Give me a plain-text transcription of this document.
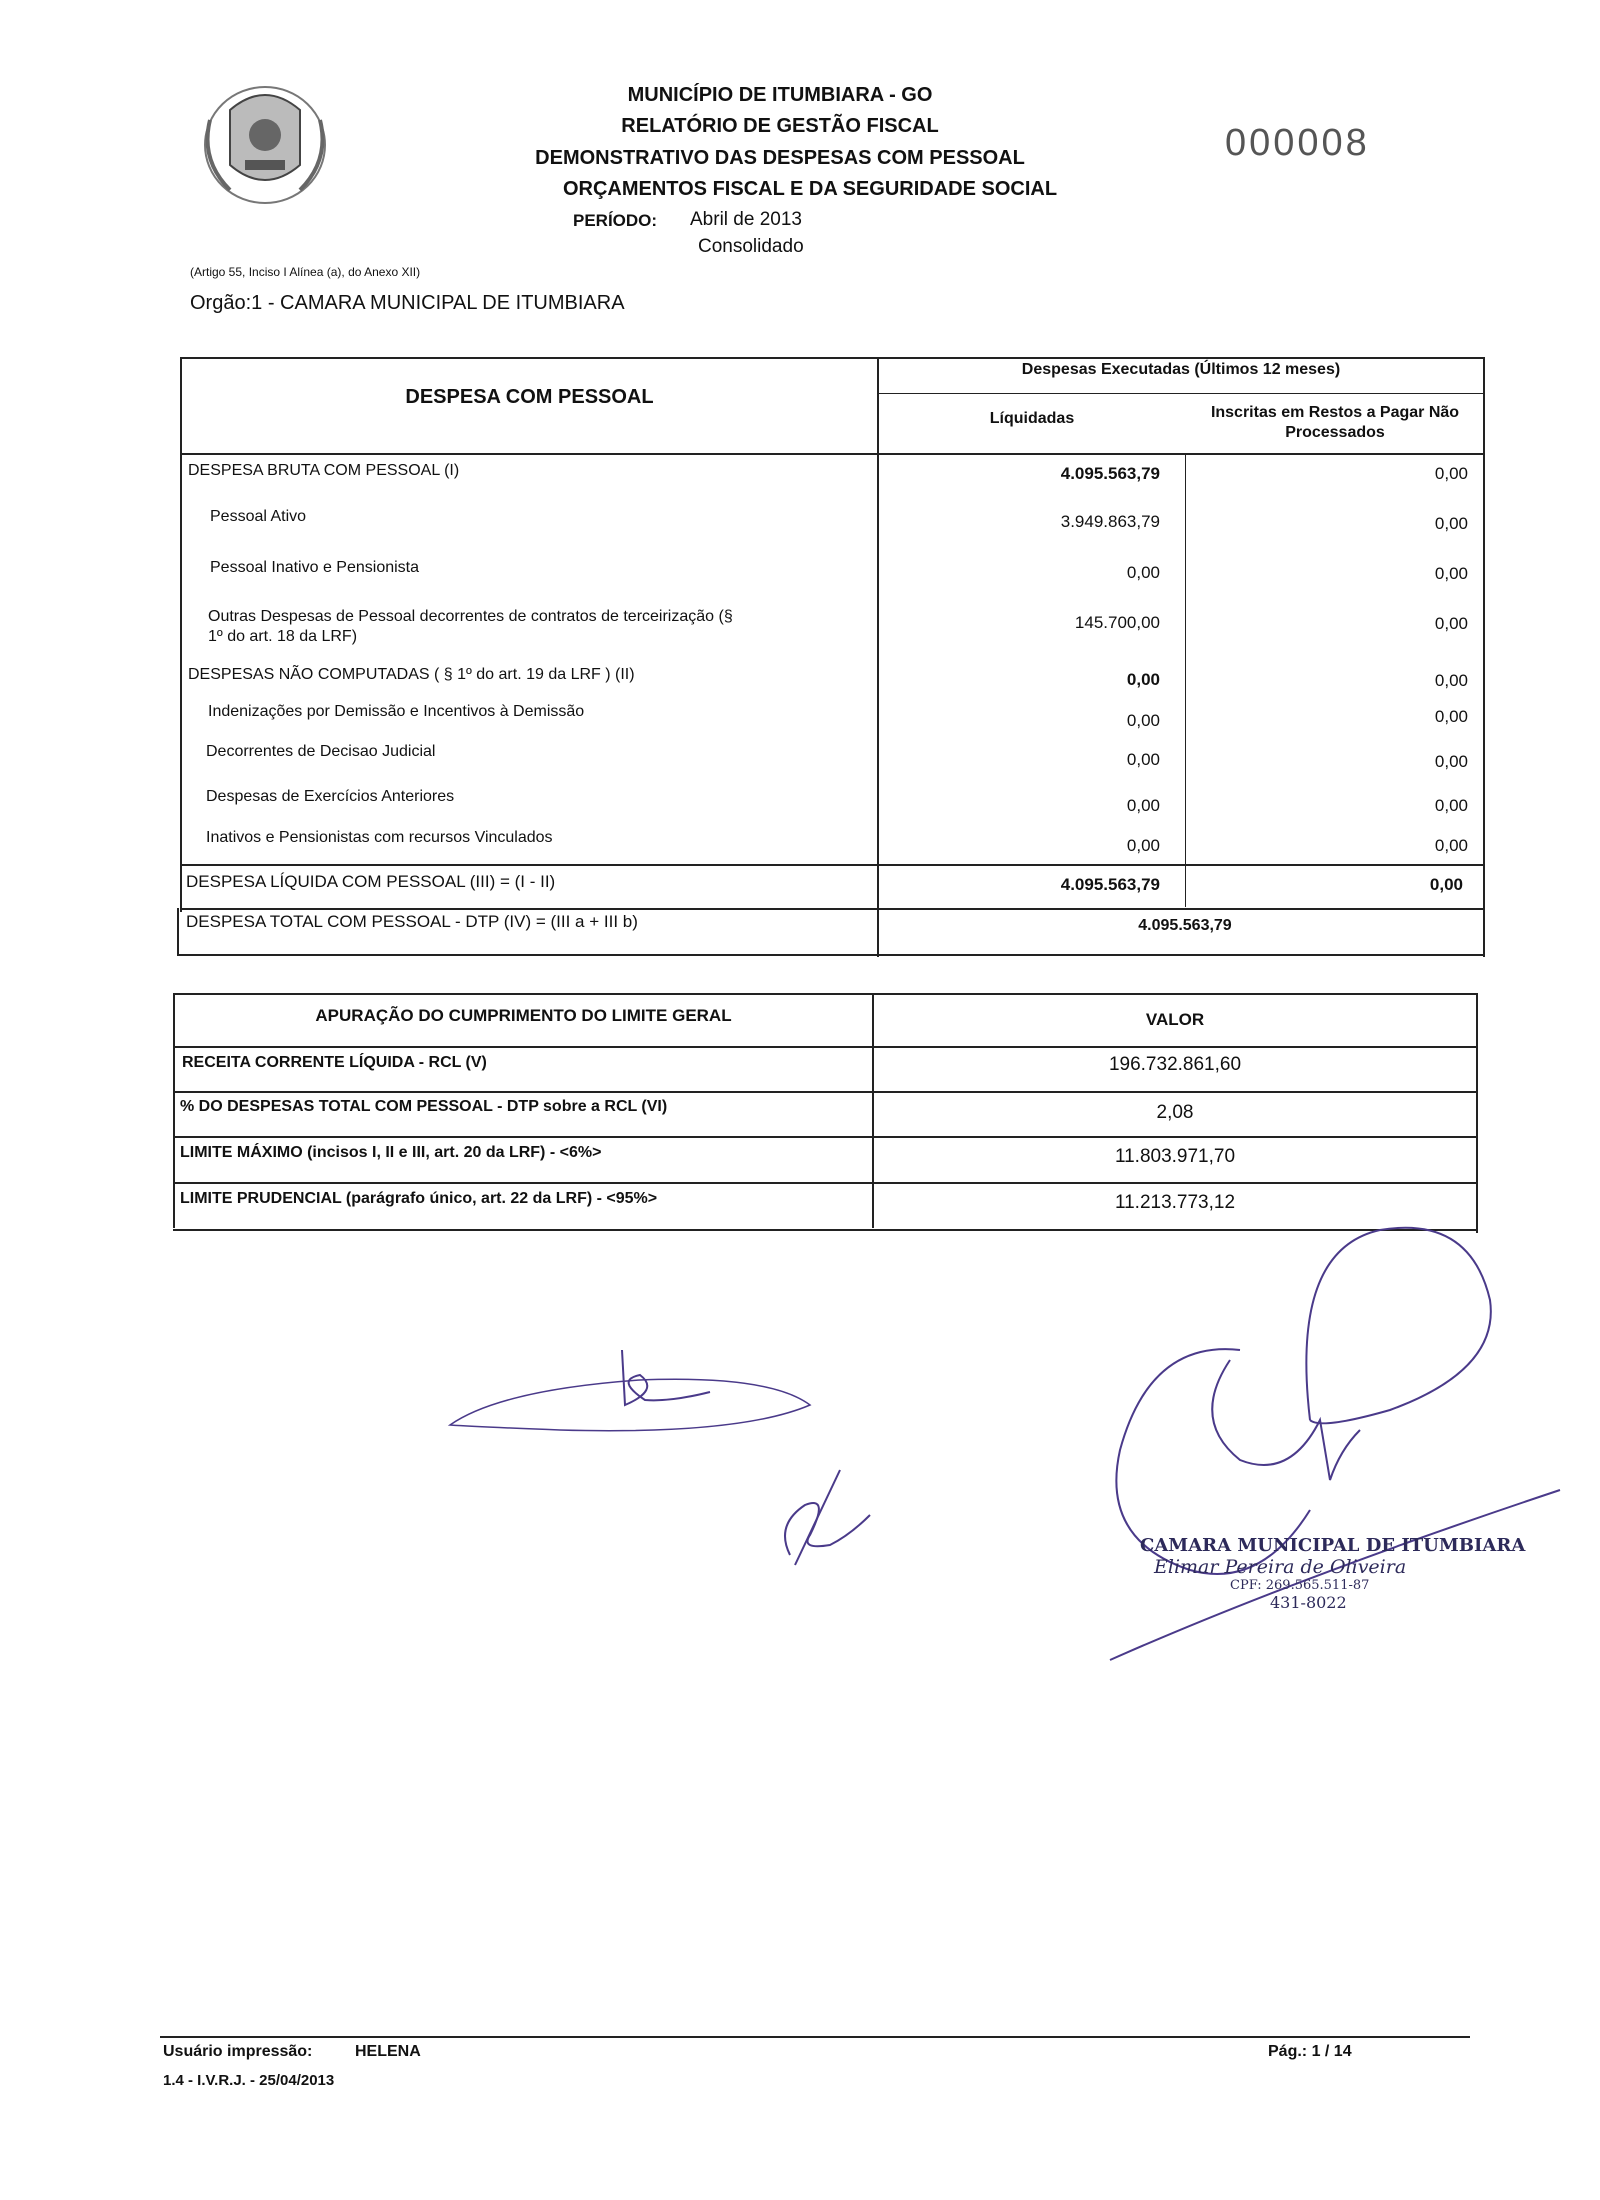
MUNICÍPIO DE ITUMBIARA - GO
RELATÓRIO DE GESTÃO FISCAL
DEMONSTRATIVO DAS DESPESAS COM PESSOAL
ORÇAMENTOS FISCAL E DA SEGURIDADE SOCIAL
PERÍODO: Abril de 2013
Consolidado
(Artigo 55, Inciso I Alínea (a), do Anexo XII)
Orgão:1 - CAMARA MUNICIPAL DE ITUMBIARA
000008
DESPESA COM PESSOAL
Despesas Executadas (Últimos 12 meses)
Líquidadas	Inscritas em Restos a Pagar Não
Processados
DESPESA BRUTA COM PESSOAL (I)	4.095.563,79	0,00
Pessoal Ativo	3.949.863,79	0,00
Pessoal Inativo e Pensionista	0,00	0,00
Outras Despesas de Pessoal decorrentes de contratos de terceirização (§
1º do art. 18 da LRF)
145.700,00	0,00
DESPESAS NÃO COMPUTADAS ( § 1º do art. 19 da LRF ) (II)	0,00	0,00
Indenizações por Demissão e Incentivos à Demissão	0,00	0,00
Decorrentes de Decisao Judicial	0,00	0,00
Despesas de Exercícios Anteriores	0,00	0,00
Inativos e Pensionistas com recursos Vinculados	0,00	0,00
DESPESA LÍQUIDA COM PESSOAL (III) = (I - II)	4.095.563,79	0,00
DESPESA TOTAL COM PESSOAL - DTP (IV) = (III a + III b)	4.095.563,79
APURAÇÃO DO CUMPRIMENTO DO LIMITE GERAL	VALOR
RECEITA CORRENTE LÍQUIDA - RCL (V)	196.732.861,60
% DO DESPESAS TOTAL COM PESSOAL - DTP sobre a RCL (VI)	2,08
LIMITE MÁXIMO (incisos I, II e III, art. 20 da LRF) - <6%>	11.803.971,70
LIMITE PRUDENCIAL (parágrafo único, art. 22 da LRF) - <95%>	11.213.773,12
CAMARA MUNICIPAL DE ITUMBIARA
Elimar Pereira de Oliveira
CPF: 269.565.511-87
431-8022
Usuário impressão:	HELENA
1.4 - I.V.R.J. - 25/04/2013
Pág.: 1 / 14
